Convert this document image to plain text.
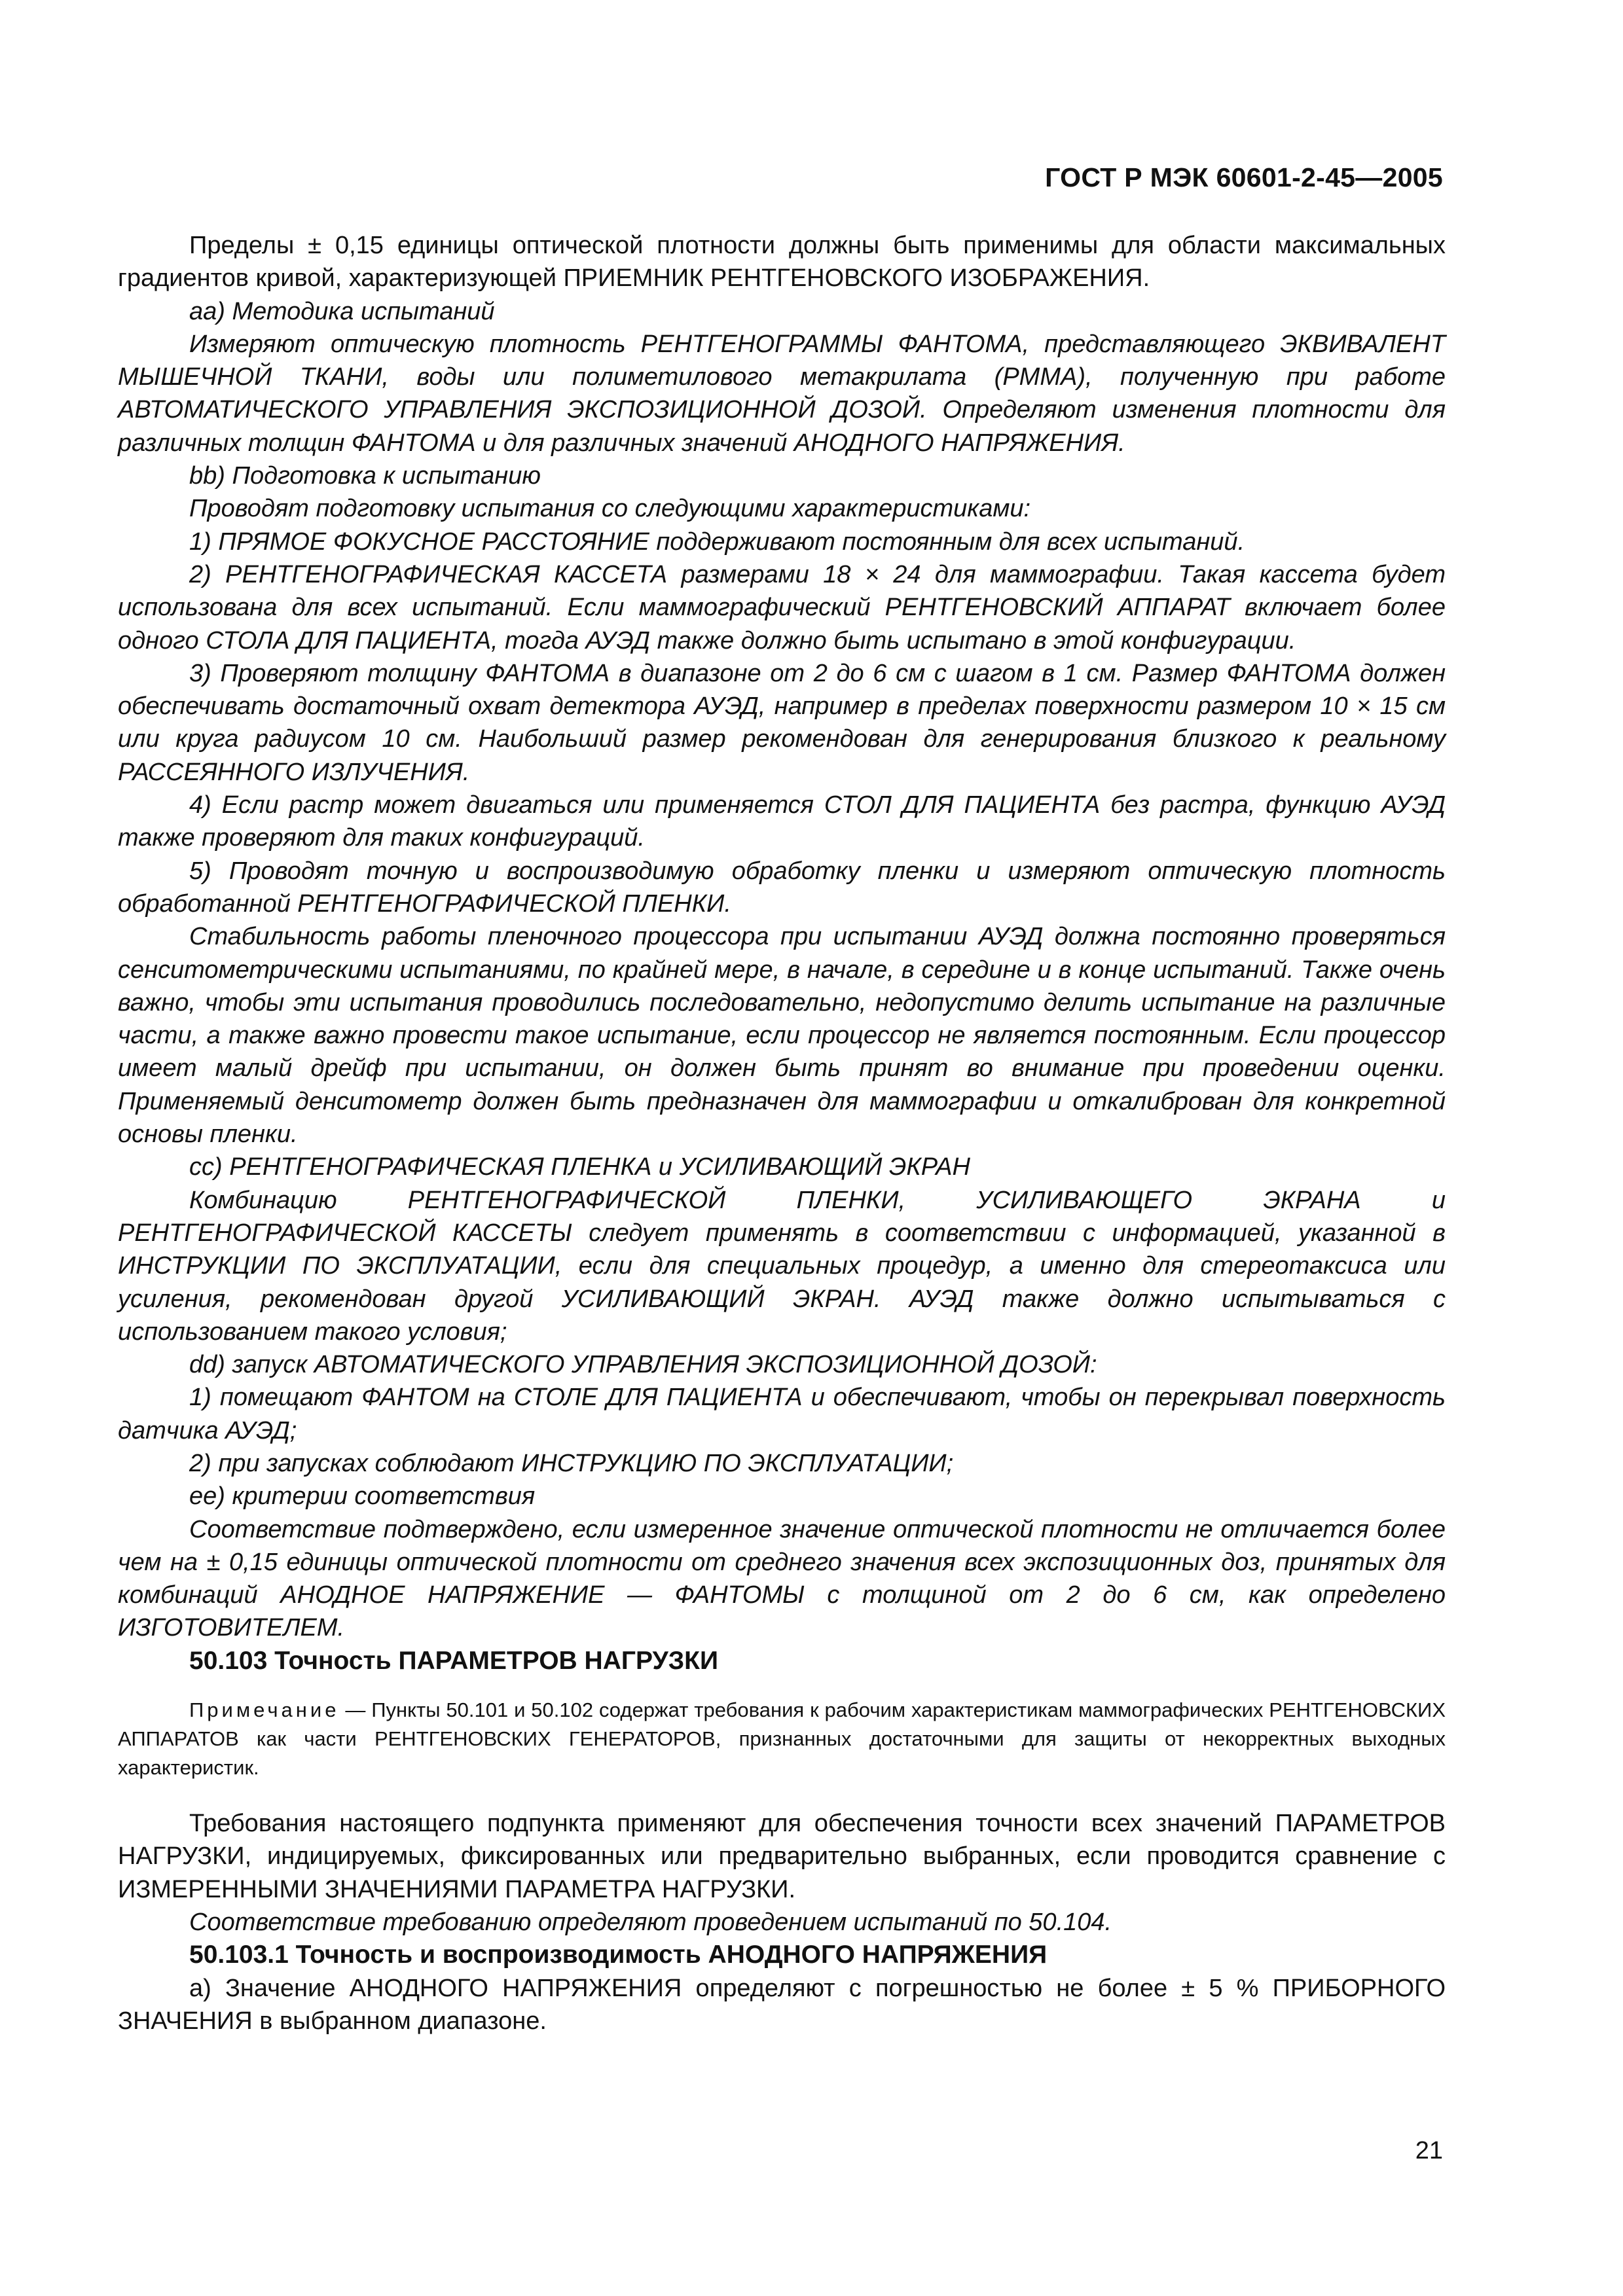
ГОСТ Р МЭК 60601-2-45—2005

Пределы ± 0,15 единицы оптической плотности должны быть применимы для области максимальных градиентов кривой, характеризующей ПРИЕМНИК РЕНТГЕНОВСКОГО ИЗОБРАЖЕНИЯ.

аа) Методика испытаний

Измеряют оптическую плотность РЕНТГЕНОГРАММЫ ФАНТОМА, представляющего ЭКВИВАЛЕНТ МЫШЕЧНОЙ ТКАНИ, воды или полиметилового метакрилата (PMMA), полученную при работе АВТОМАТИЧЕСКОГО УПРАВЛЕНИЯ ЭКСПОЗИЦИОННОЙ ДОЗОЙ. Определяют изменения плотности для различных толщин ФАНТОМА и для различных значений АНОДНОГО НАПРЯЖЕНИЯ.

bb) Подготовка к испытанию

Проводят подготовку испытания со следующими характеристиками:

1) ПРЯМОЕ ФОКУСНОЕ РАССТОЯНИЕ поддерживают постоянным для всех испытаний.

2) РЕНТГЕНОГРАФИЧЕСКАЯ КАССЕТА размерами 18 × 24 для маммографии. Такая кассета будет использована для всех испытаний. Если маммографический РЕНТГЕНОВСКИЙ АППАРАТ включает более одного СТОЛА ДЛЯ ПАЦИЕНТА, тогда АУЭД также должно быть испытано в этой конфигурации.

3) Проверяют толщину ФАНТОМА в диапазоне от 2 до 6 см с шагом в 1 см. Размер ФАНТОМА должен обеспечивать достаточный охват детектора АУЭД, например в пределах поверхности размером 10 × 15 см или круга радиусом 10 см. Наибольший размер рекомендован для генерирования близкого к реальному РАССЕЯННОГО ИЗЛУЧЕНИЯ.

4) Если растр может двигаться или применяется СТОЛ ДЛЯ ПАЦИЕНТА без растра, функцию АУЭД также проверяют для таких конфигураций.

5) Проводят точную и воспроизводимую обработку пленки и измеряют оптическую плотность обработанной РЕНТГЕНОГРАФИЧЕСКОЙ ПЛЕНКИ.

Стабильность работы пленочного процессора при испытании АУЭД должна постоянно проверяться сенситометрическими испытаниями, по крайней мере, в начале, в середине и в конце испытаний. Также очень важно, чтобы эти испытания проводились последовательно, недопустимо делить испытание на различные части, а также важно провести такое испытание, если процессор не является постоянным. Если процессор имеет малый дрейф при испытании, он должен быть принят во внимание при проведении оценки. Применяемый денситометр должен быть предназначен для маммографии и откалиброван для конкретной основы пленки.

сс) РЕНТГЕНОГРАФИЧЕСКАЯ ПЛЕНКА и УСИЛИВАЮЩИЙ ЭКРАН

Комбинацию РЕНТГЕНОГРАФИЧЕСКОЙ ПЛЕНКИ, УСИЛИВАЮЩЕГО ЭКРАНА и РЕНТГЕНОГРАФИЧЕСКОЙ КАССЕТЫ следует применять в соответствии с информацией, указанной в ИНСТРУКЦИИ ПО ЭКСПЛУАТАЦИИ, если для специальных процедур, а именно для стереотаксиса или усиления, рекомендован другой УСИЛИВАЮЩИЙ ЭКРАН. АУЭД также должно испытываться с использованием такого условия;

dd) запуск АВТОМАТИЧЕСКОГО УПРАВЛЕНИЯ ЭКСПОЗИЦИОННОЙ ДОЗОЙ:

1) помещают ФАНТОМ на СТОЛЕ ДЛЯ ПАЦИЕНТА и обеспечивают, чтобы он перекрывал поверхность датчика АУЭД;

2) при запусках соблюдают ИНСТРУКЦИЮ ПО ЭКСПЛУАТАЦИИ;

ее) критерии соответствия

Соответствие подтверждено, если измеренное значение оптической плотности не отличается более чем на ± 0,15 единицы оптической плотности от среднего значения всех экспозиционных доз, принятых для комбинаций АНОДНОЕ НАПРЯЖЕНИЕ — ФАНТОМЫ с толщиной от 2 до 6 см, как определено ИЗГОТОВИТЕЛЕМ.

50.103 Точность ПАРАМЕТРОВ НАГРУЗКИ

Примечание — Пункты 50.101 и 50.102 содержат требования к рабочим характеристикам маммографических РЕНТГЕНОВСКИХ АППАРАТОВ как части РЕНТГЕНОВСКИХ ГЕНЕРАТОРОВ, признанных достаточными для защиты от некорректных выходных характеристик.

Требования настоящего подпункта применяют для обеспечения точности всех значений ПАРАМЕТРОВ НАГРУЗКИ, индицируемых, фиксированных или предварительно выбранных, если проводится сравнение с ИЗМЕРЕННЫМИ ЗНАЧЕНИЯМИ ПАРАМЕТРА НАГРУЗКИ.

Соответствие требованию определяют проведением испытаний по 50.104.

50.103.1 Точность и воспроизводимость АНОДНОГО НАПРЯЖЕНИЯ

а) Значение АНОДНОГО НАПРЯЖЕНИЯ определяют с погрешностью не более ± 5 % ПРИБОРНОГО ЗНАЧЕНИЯ в выбранном диапазоне.

21
